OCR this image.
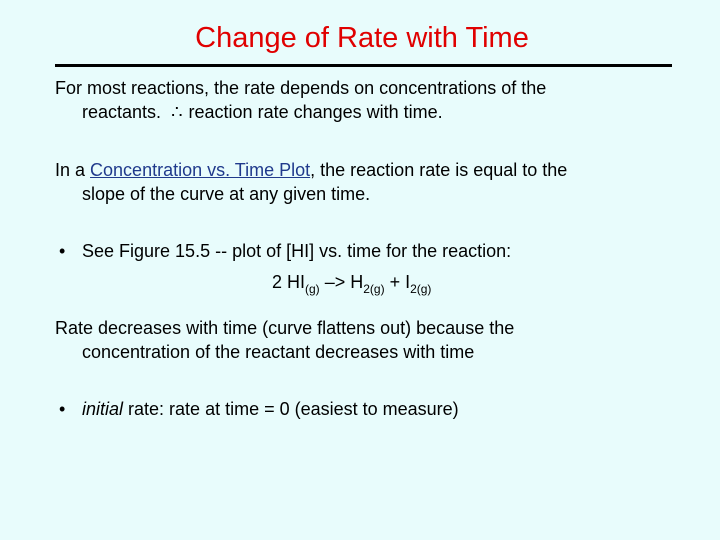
Change of Rate with Time
For most reactions, the rate depends on concentrations of the
reactants. ∴ reaction rate changes with time.
In a Concentration vs. Time Plot, the reaction rate is equal to the
slope of the curve at any given time.
• See Figure 15.5 -- plot of [HI] vs. time for the reaction:
2 $HI_{(g)} -> H_{2(g)} + I_{2(g)}$
Rate decreases with time (curve flattens out) because the
concentration of the reactant decreases with time
• initial rate: rate at time = 0 (easiest to measure)
